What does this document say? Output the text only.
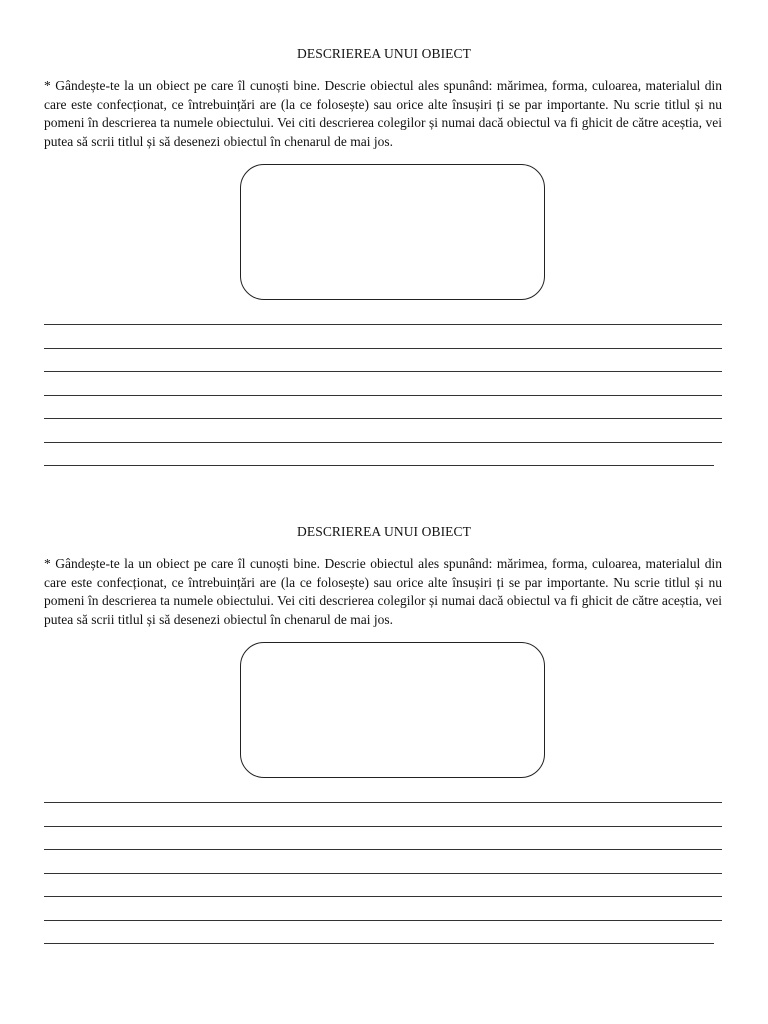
DESCRIEREA UNUI OBIECT

* Gândește-te la un obiect pe care îl cunoști bine. Descrie obiectul ales spunând: mărimea, forma, culoarea, materialul din care este confecționat, ce întrebuințări are (la ce folosește) sau orice alte însușiri ți se par importante. Nu scrie titlul și nu pomeni în descrierea ta numele obiectului. Vei citi descrierea colegilor și numai dacă obiectul va fi ghicit de către aceștia, vei putea să scrii titlul și să desenezi obiectul în chenarul de mai jos.

DESCRIEREA UNUI OBIECT

* Gândește-te la un obiect pe care îl cunoști bine. Descrie obiectul ales spunând: mărimea, forma, culoarea, materialul din care este confecționat, ce întrebuințări are (la ce folosește) sau orice alte însușiri ți se par importante. Nu scrie titlul și nu pomeni în descrierea ta numele obiectului. Vei citi descrierea colegilor și numai dacă obiectul va fi ghicit de către aceștia, vei putea să scrii titlul și să desenezi obiectul în chenarul de mai jos.
